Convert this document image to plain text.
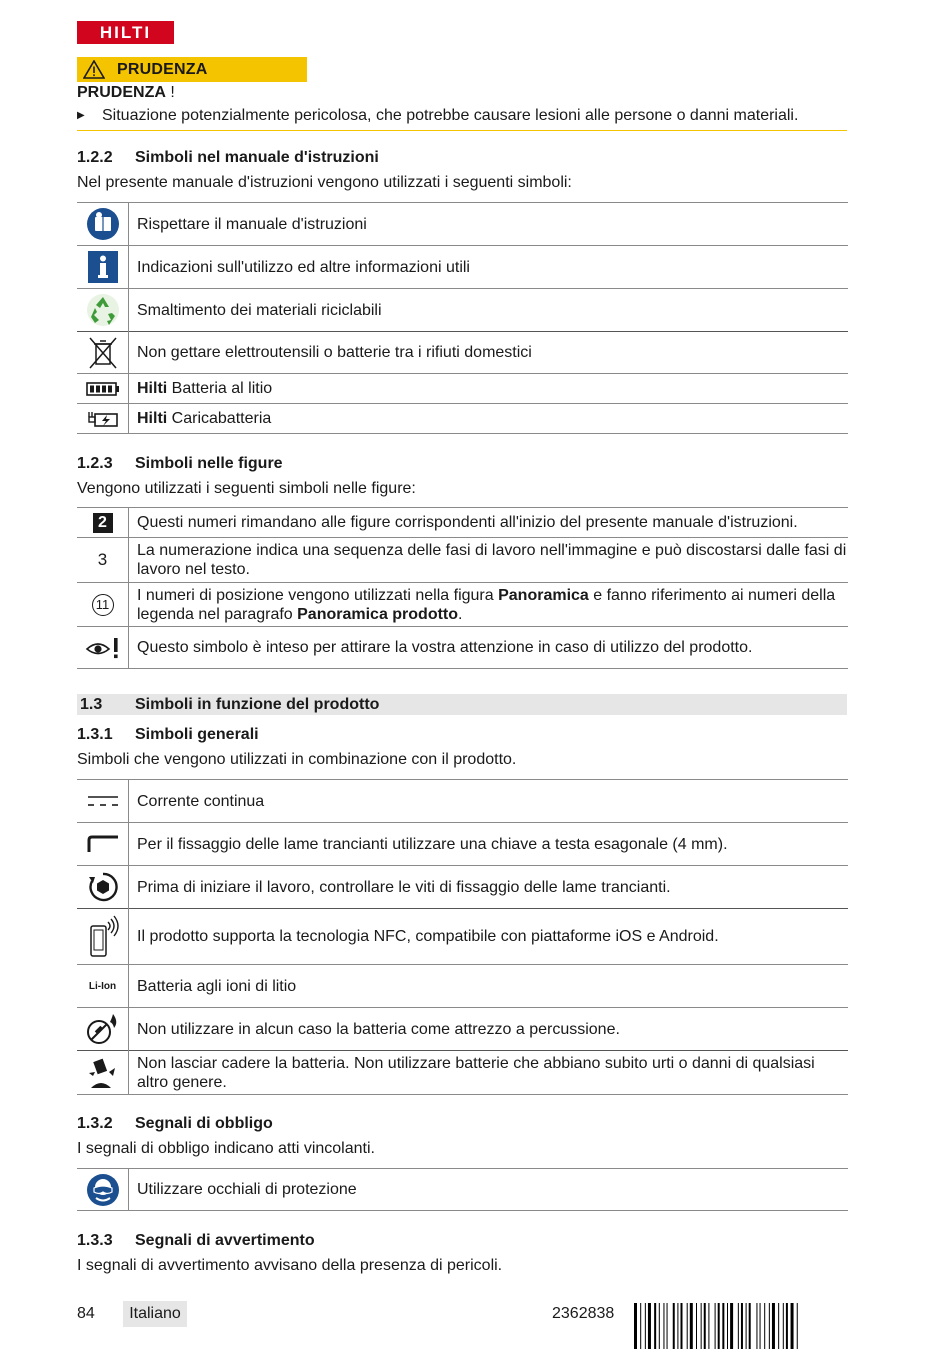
HILTI
PRUDENZA
PRUDENZA !
▶ Situazione potenzialmente pericolosa, che potrebbe causare lesioni alle persone o danni materiali.
1.2.2 Simboli nel manuale d'istruzioni
Nel presente manuale d'istruzioni vengono utilizzati i seguenti simboli:
	Rispettare il manuale d'istruzioni

	Indicazioni sull'utilizzo ed altre informazioni utili

	Smaltimento dei materiali riciclabili

	Non gettare elettroutensili o batterie tra i rifiuti domestici

	Hilti Batteria al litio

	Hilti Caricabatteria
1.2.3 Simboli nelle figure
Vengono utilizzati i seguenti simboli nelle figure:
2	Questi numeri rimandano alle figure corrispondenti all'inizio del presente manuale d'istruzioni.
3	La numerazione indica una sequenza delle fasi di lavoro nell'immagine e può discostarsi dalle fasi di lavoro nel testo.
11	I numeri di posizione vengono utilizzati nella figura Panoramica e fanno riferimento ai numeri della legenda nel paragrafo Panoramica prodotto.

	Questo simbolo è inteso per attirare la vostra attenzione in caso di utilizzo del prodotto.
1.3 Simboli in funzione del prodotto
1.3.1 Simboli generali
Simboli che vengono utilizzati in combinazione con il prodotto.
	Corrente continua

	Per il fissaggio delle lame trancianti utilizzare una chiave a testa esagonale (4 mm).

	Prima di iniziare il lavoro, controllare le viti di fissaggio delle lame trancianti.

	Il prodotto supporta la tecnologia NFC, compatibile con piattaforme iOS e Android.
Li-Ion	Batteria agli ioni di litio

	Non utilizzare in alcun caso la batteria come attrezzo a percussione.

	Non lasciar cadere la batteria. Non utilizzare batterie che abbiano subito urti o danni di qualsiasi altro genere.
1.3.2 Segnali di obbligo
I segnali di obbligo indicano atti vincolanti.
	Utilizzare occhiali di protezione
1.3.3 Segnali di avvertimento
I segnali di avvertimento avvisano della presenza di pericoli.
84	Italiano	2362838
